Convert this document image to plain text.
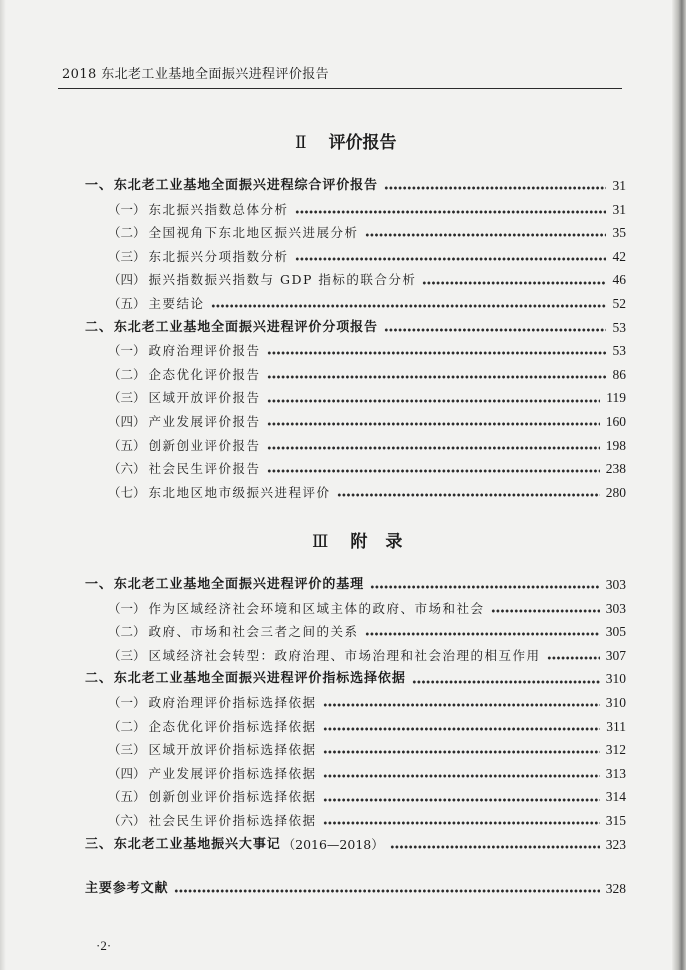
2018 东北老工业基地全面振兴进程评价报告
Ⅱ 评价报告
一、 东北老工业基地全面振兴进程综合评价报告	31
（一） 东北振兴指数总体分析	31
（二） 全国视角下东北地区振兴进展分析	35
（三） 东北振兴分项指数分析	42
（四） 振兴指数振兴指数与 GDP 指标的联合分析	46
（五） 主要结论	52
二、 东北老工业基地全面振兴进程评价分项报告	53
（一） 政府治理评价报告	53
（二） 企态优化评价报告	86
（三） 区域开放评价报告	119
（四） 产业发展评价报告	160
（五） 创新创业评价报告	198
（六） 社会民生评价报告	238
（七） 东北地区地市级振兴进程评价	280
Ⅲ 附 录
一、 东北老工业基地全面振兴进程评价的基理	303
（一） 作为区域经济社会环境和区域主体的政府、市场和社会	303
（二） 政府、市场和社会三者之间的关系	305
（三） 区域经济社会转型：政府治理、市场治理和社会治理的相互作用	307
二、 东北老工业基地全面振兴进程评价指标选择依据	310
（一） 政府治理评价指标选择依据	310
（二） 企态优化评价指标选择依据	311
（三） 区域开放评价指标选择依据	312
（四） 产业发展评价指标选择依据	313
（五） 创新创业评价指标选择依据	314
（六） 社会民生评价指标选择依据	315
三、 东北老工业基地振兴大事记 （2016—2018）	323
主要参考文献	328
·2·
